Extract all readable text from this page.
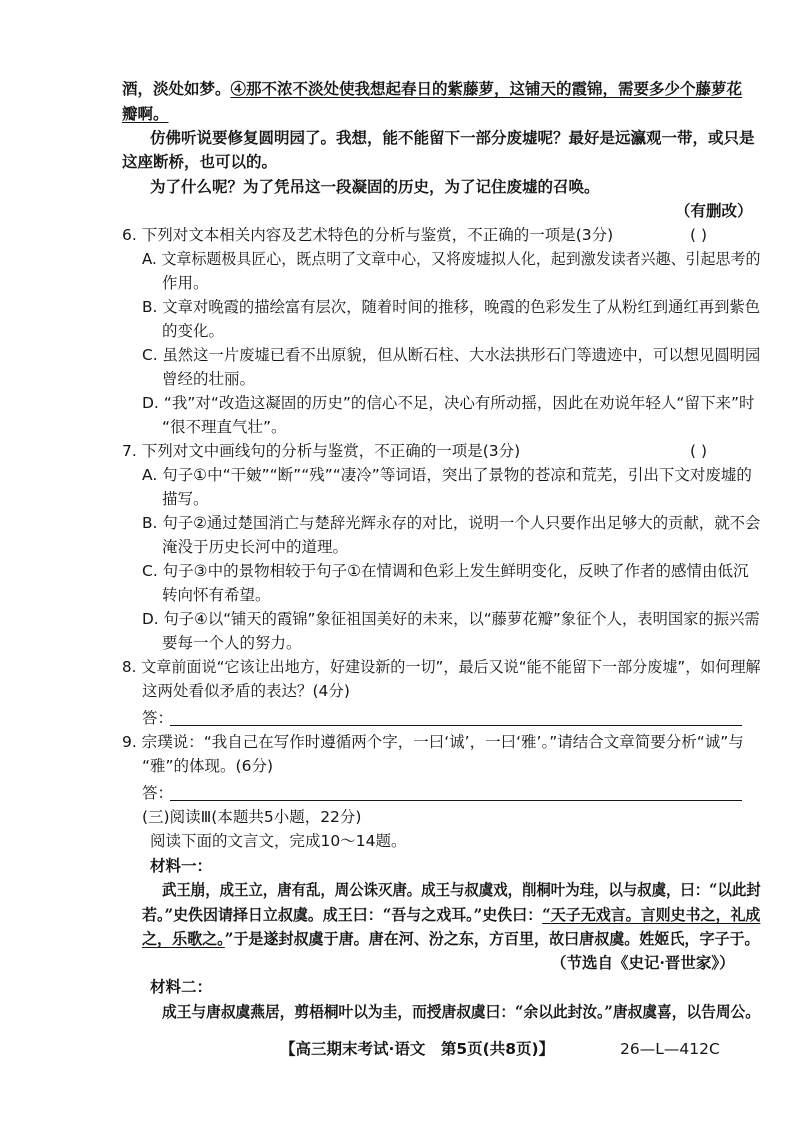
酒，淡处如梦。④那不浓不淡处使我想起春日的紫藤萝，这铺天的霞锦，需要多少个藤萝花
瓣啊。
仿佛听说要修复圆明园了。我想，能不能留下一部分废墟呢？最好是远瀛观一带，或只是
这座断桥，也可以的。
为了什么呢？为了凭吊这一段凝固的历史，为了记住废墟的召唤。
（有删改）
6. 下列对文本相关内容及艺术特色的分析与鉴赏，不正确的一项是(3分)	( )
A. 文章标题极具匠心，既点明了文章中心，又将废墟拟人化，起到激发读者兴趣、引起思考的
作用。
B. 文章对晚霞的描绘富有层次，随着时间的推移，晚霞的色彩发生了从粉红到通红再到紫色
的变化。
C. 虽然这一片废墟已看不出原貌，但从断石柱、大水法拱形石门等遗迹中，可以想见圆明园
曾经的壮丽。
D. “我”对“改造这凝固的历史”的信心不足，决心有所动摇，因此在劝说年轻人“留下来”时
“很不理直气壮”。
7. 下列对文中画线句的分析与鉴赏，不正确的一项是(3分)	( )
A. 句子①中“干皴”“断”“残”“凄冷”等词语，突出了景物的苍凉和荒芜，引出下文对废墟的
描写。
B. 句子②通过楚国消亡与楚辞光辉永存的对比，说明一个人只要作出足够大的贡献，就不会
淹没于历史长河中的道理。
C. 句子③中的景物相较于句子①在情调和色彩上发生鲜明变化，反映了作者的感情由低沉
转向怀有希望。
D. 句子④以“铺天的霞锦”象征祖国美好的未来，以“藤萝花瓣”象征个人，表明国家的振兴需
要每一个人的努力。
8. 文章前面说“它该让出地方，好建设新的一切”，最后又说“能不能留下一部分废墟”，如何理解
这两处看似矛盾的表达？(4分)
答：
9. 宗璞说：“我自己在写作时遵循两个字，一曰‘诚’，一曰‘雅’。”请结合文章简要分析“诚”与
“雅”的体现。(6分)
答：
(三)阅读Ⅲ(本题共5小题，22分)
阅读下面的文言文，完成10～14题。
材料一：
武王崩，成王立，唐有乱，周公诛灭唐。成王与叔虞戏，削桐叶为珪，以与叔虞，曰：“以此封
若。”史佚因请择日立叔虞。成王曰：“吾与之戏耳。”史佚曰：“天子无戏言。言则史书之，礼成
之，乐歌之。”于是遂封叔虞于唐。唐在河、汾之东，方百里，故曰唐叔虞。姓姬氏，字子于。
（节选自《史记·晋世家》）
材料二：
成王与唐叔虞燕居，剪梧桐叶以为圭，而授唐叔虞曰：“余以此封汝。”唐叔虞喜，以告周公。
【高三期末考试·语文　第5页(共8页)】	26—L—412C
